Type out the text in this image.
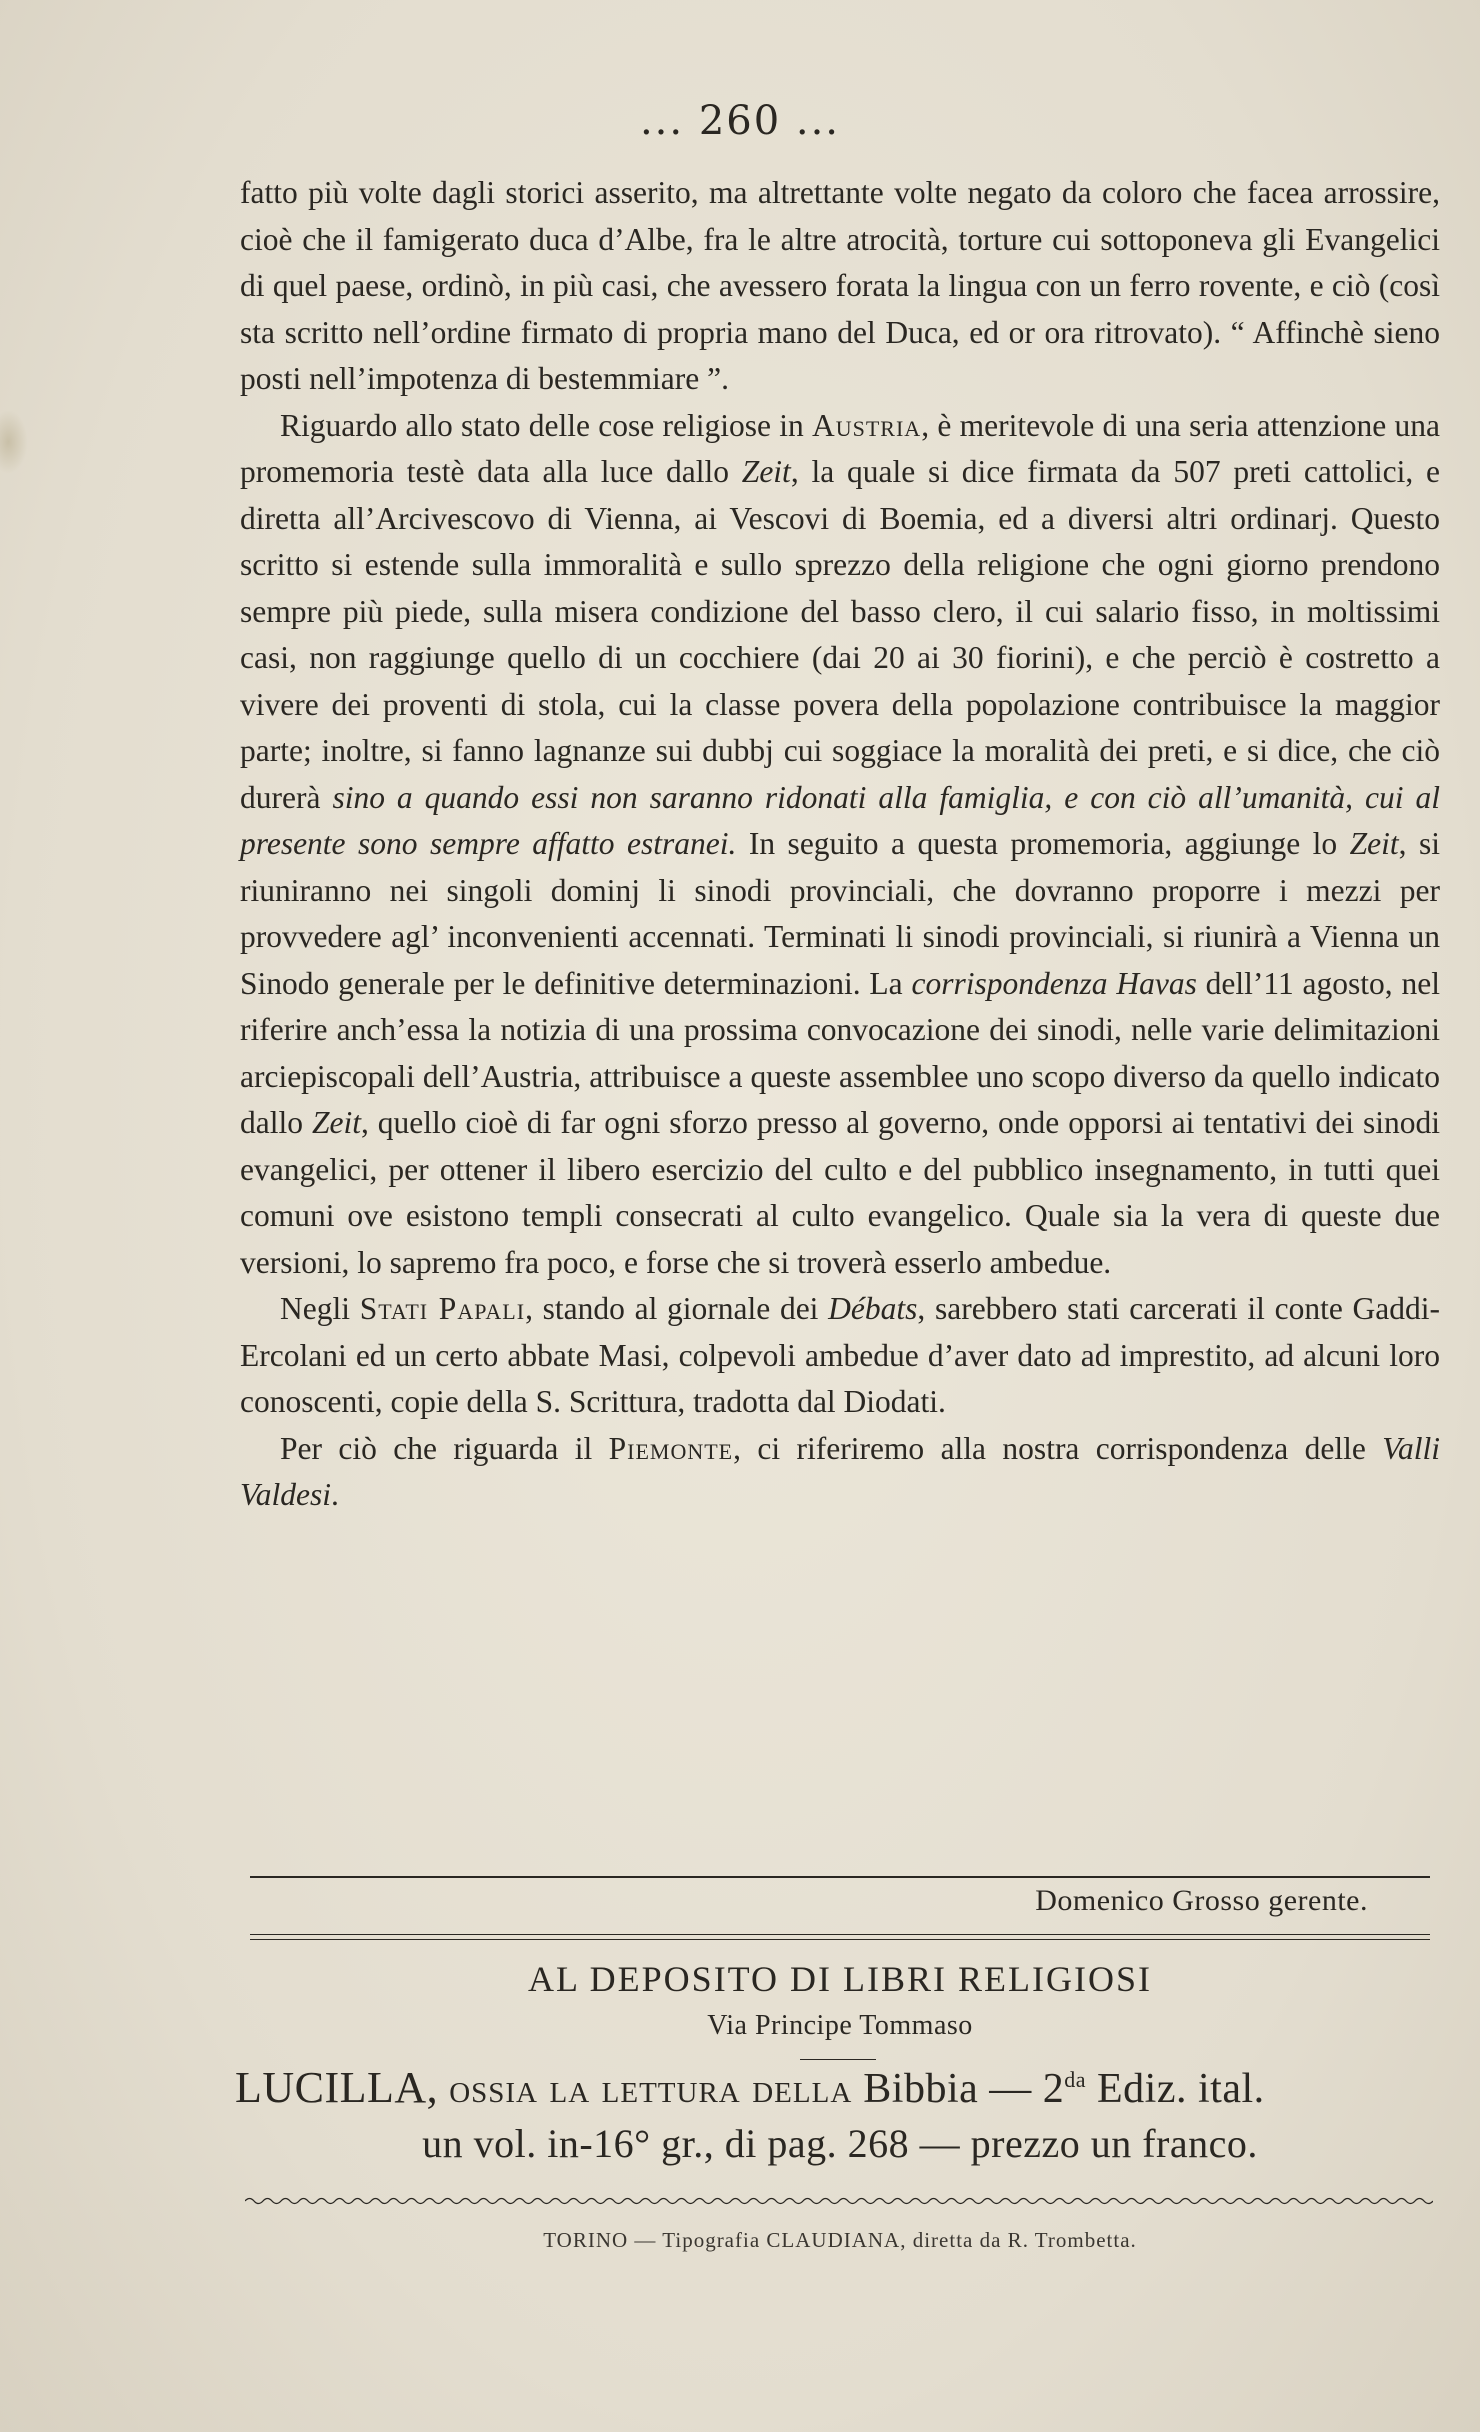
... 260 ...

fatto più volte dagli storici asserito, ma altrettante volte negato da coloro che facea arrossire, cioè che il famigerato duca d’Albe, fra le altre atrocità, torture cui sottoponeva gli Evangelici di quel paese, ordinò, in più casi, che avessero forata la lingua con un ferro rovente, e ciò (così sta scritto nell’ordine firmato di propria mano del Duca, ed or ora ritrovato). “ Affinchè sieno posti nell’impotenza di bestemmiare ”.

Riguardo allo stato delle cose religiose in Austria, è meritevole di una seria attenzione una promemoria testè data alla luce dallo Zeit, la quale si dice firmata da 507 preti cattolici, e diretta all’Arcivescovo di Vienna, ai Vescovi di Boemia, ed a diversi altri ordinarj. Questo scritto si estende sulla immoralità e sullo sprezzo della religione che ogni giorno prendono sempre più piede, sulla misera condizione del basso clero, il cui salario fisso, in moltissimi casi, non raggiunge quello di un cocchiere (dai 20 ai 30 fiorini), e che perciò è costretto a vivere dei proventi di stola, cui la classe povera della popolazione contribuisce la maggior parte; inoltre, si fanno lagnanze sui dubbj cui soggiace la moralità dei preti, e si dice, che ciò durerà sino a quando essi non saranno ridonati alla famiglia, e con ciò all’umanità, cui al presente sono sempre affatto estranei. In seguito a questa promemoria, aggiunge lo Zeit, si riuniranno nei singoli dominj li sinodi provinciali, che dovranno proporre i mezzi per provvedere agl’ inconvenienti accennati. Terminati li sinodi provinciali, si riunirà a Vienna un Sinodo generale per le definitive determinazioni. La corrispondenza Havas dell’11 agosto, nel riferire anch’essa la notizia di una prossima convocazione dei sinodi, nelle varie delimitazioni arciepiscopali dell’Austria, attribuisce a queste assemblee uno scopo diverso da quello indicato dallo Zeit, quello cioè di far ogni sforzo presso al governo, onde opporsi ai tentativi dei sinodi evangelici, per ottener il libero esercizio del culto e del pubblico insegnamento, in tutti quei comuni ove esistono templi consecrati al culto evangelico. Quale sia la vera di queste due versioni, lo sapremo fra poco, e forse che si troverà esserlo ambedue.

Negli Stati Papali, stando al giornale dei Débats, sarebbero stati carcerati il conte Gaddi-Ercolani ed un certo abbate Masi, colpevoli ambedue d’aver dato ad imprestito, ad alcuni loro conoscenti, copie della S. Scrittura, tradotta dal Diodati.

Per ciò che riguarda il Piemonte, ci riferiremo alla nostra corrispondenza delle Valli Valdesi.

Domenico Grosso gerente.
AL DEPOSITO DI LIBRI RELIGIOSI
Via Principe Tommaso
LUCILLA, ossia la lettura della Bibbia — $2^{da}$ Ediz. ital.
un vol. in-16° gr., di pag. 268 — prezzo un franco.
TORINO — Tipografia CLAUDIANA, diretta da R. Trombetta.
